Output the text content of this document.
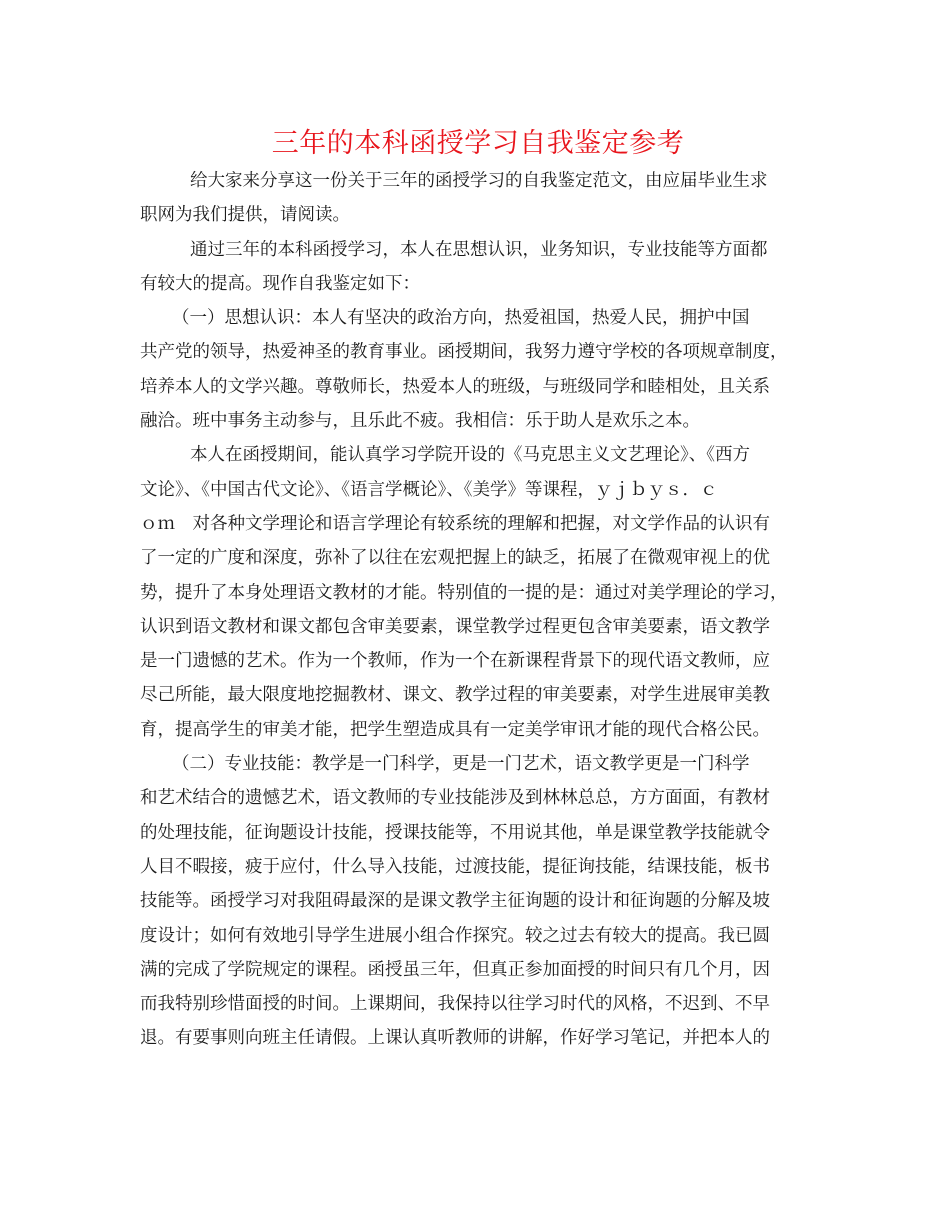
三年的本科函授学习自我鉴定参考

给大家来分享这一份关于三年的函授学习的自我鉴定范文，由应届毕业生求
职网为我们提供，请阅读。

通过三年的本科函授学习，本人在思想认识，业务知识，专业技能等方面都
有较大的提高。现作自我鉴定如下：

（一）思想认识：本人有坚决的政治方向，热爱祖国，热爱人民，拥护中国
共产党的领导，热爱神圣的教育事业。函授期间，我努力遵守学校的各项规章制度，
培养本人的文学兴趣。尊敬师长，热爱本人的班级，与班级同学和睦相处，且关系
融洽。班中事务主动参与，且乐此不疲。我相信：乐于助人是欢乐之本。

本人在函授期间，能认真学习学院开设的《马克思主义文艺理论》、《西方
文论》、《中国古代文论》、《语言学概论》、《美学》等课程，ｙｊｂｙｓ．ｃ
ｏｍ　对各种文学理论和语言学理论有较系统的理解和把握，对文学作品的认识有
了一定的广度和深度，弥补了以往在宏观把握上的缺乏，拓展了在微观审视上的优
势，提升了本身处理语文教材的才能。特别值的一提的是：通过对美学理论的学习，
认识到语文教材和课文都包含审美要素，课堂教学过程更包含审美要素，语文教学
是一门遗憾的艺术。作为一个教师，作为一个在新课程背景下的现代语文教师，应
尽己所能，最大限度地挖掘教材、课文、教学过程的审美要素，对学生进展审美教
育，提高学生的审美才能，把学生塑造成具有一定美学审讯才能的现代合格公民。

（二）专业技能：教学是一门科学，更是一门艺术，语文教学更是一门科学
和艺术结合的遗憾艺术，语文教师的专业技能涉及到林林总总，方方面面，有教材
的处理技能，征询题设计技能，授课技能等，不用说其他，单是课堂教学技能就令
人目不暇接，疲于应付，什么导入技能，过渡技能，提征询技能，结课技能，板书
技能等。函授学习对我阻碍最深的是课文教学主征询题的设计和征询题的分解及坡
度设计；如何有效地引导学生进展小组合作探究。较之过去有较大的提高。我已圆
满的完成了学院规定的课程。函授虽三年，但真正参加面授的时间只有几个月，因
而我特别珍惜面授的时间。上课期间，我保持以往学习时代的风格，不迟到、不早
退。有要事则向班主任请假。上课认真听教师的讲解，作好学习笔记，并把本人的
